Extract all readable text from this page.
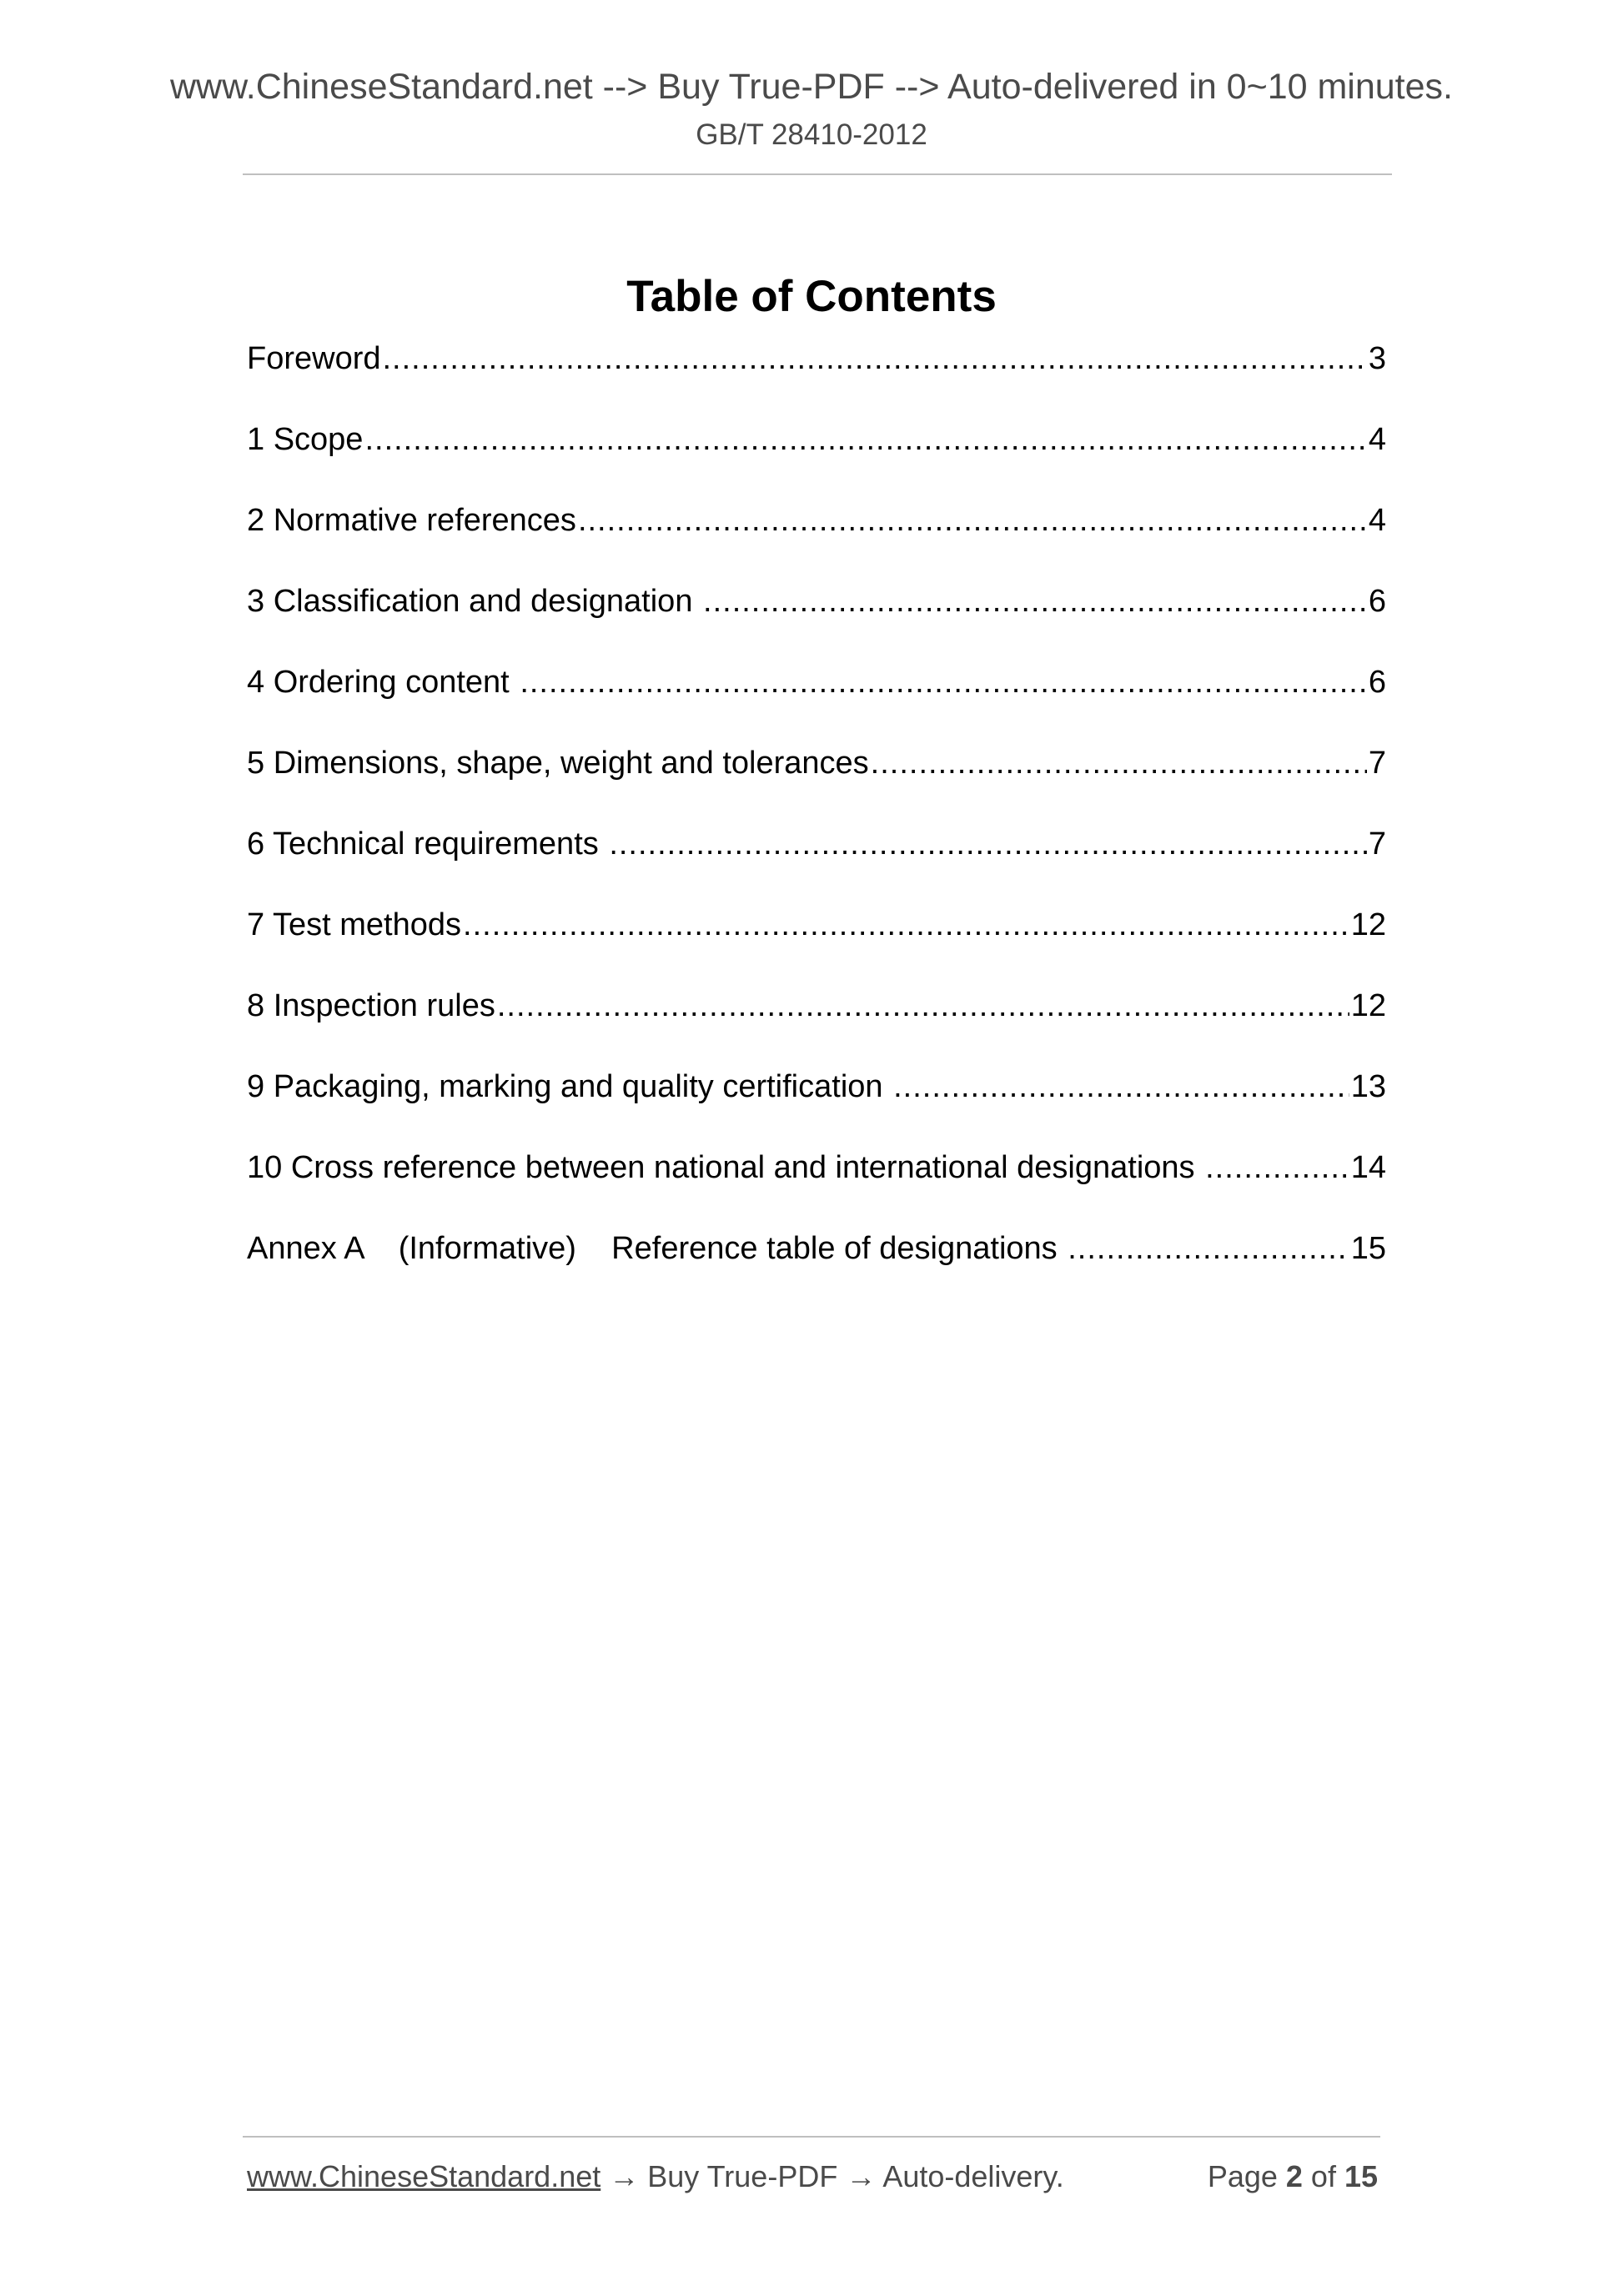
www.ChineseStandard.net --> Buy True-PDF --> Auto-delivered in 0~10 minutes.
GB/T 28410-2012
Table of Contents
Foreword .....	3
1 Scope .....	4
2 Normative references .....	4
3 Classification and designation .....	6
4 Ordering content .....	6
5 Dimensions, shape, weight and tolerances .....	7
6 Technical requirements .....	7
7 Test methods .....	12
8 Inspection rules .....	12
9 Packaging, marking and quality certification .....	13
10 Cross reference between national and international designations .....	14
Annex A    (Informative)    Reference table of designations .....	15
www.ChineseStandard.net → Buy True-PDF → Auto-delivery.	Page 2 of 15
